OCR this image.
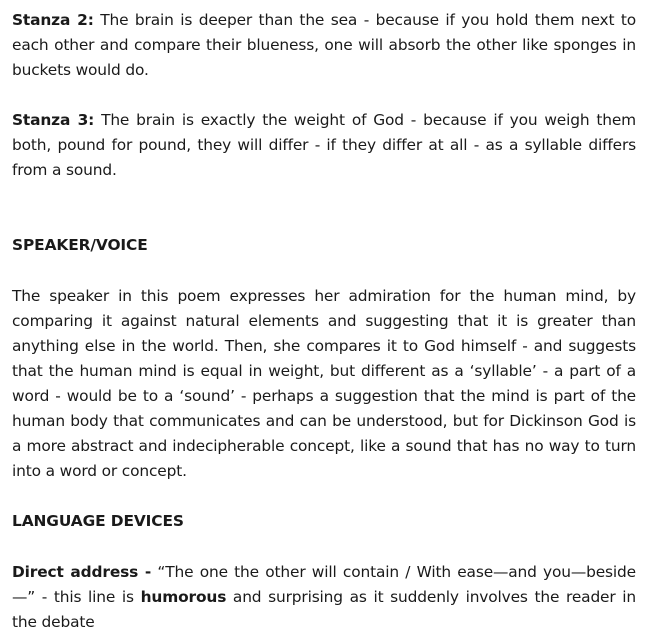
Stanza 2: The brain is deeper than the sea - because if you hold them next to each other and compare their blueness, one will absorb the other like sponges in buckets would do.

Stanza 3: The brain is exactly the weight of God - because if you weigh them both, pound for pound, they will differ - if they differ at all - as a syllable differs from a sound.

SPEAKER/VOICE

The speaker in this poem expresses her admiration for the human mind, by comparing it against natural elements and suggesting that it is greater than anything else in the world. Then, she compares it to God himself - and suggests that the human mind is equal in weight, but different as a ‘syllable’ - a part of a word - would be to a ‘sound’ - perhaps a suggestion that the mind is part of the human body that communicates and can be understood, but for Dickinson God is a more abstract and indecipherable concept, like a sound that has no way to turn into a word or concept.

LANGUAGE DEVICES

Direct address - “The one the other will contain / With ease—and you—beside—” - this line is humorous and surprising as it suddenly involves the reader in the debate
